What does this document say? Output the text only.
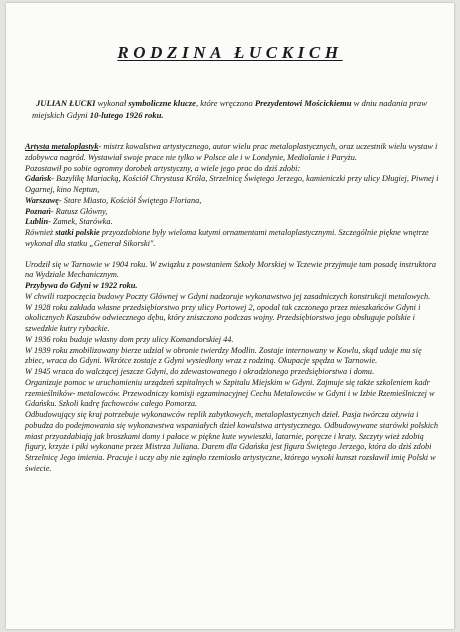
RODZINA ŁUCKICH
JULIAN ŁUCKI wykonał symboliczne klucze, które wręczono Prezydentowi Mościckiemu w dniu nadania praw miejskich Gdyni 10-lutego 1926 roku.

Artysta metaloplastyk- mistrz kowalstwa artystycznego, autor wielu prac metaloplastycznych, oraz uczestnik wielu wystaw i zdobywca nagród. Wystawiał swoje prace nie tylko w Polsce ale i w Londynie, Mediolanie i Paryżu.

Pozostawił po sobie ogromny dorobek artystyczny, a wiele jego prac do dziś zdobi:

Gdańsk- Bazylikę Mariacką, Kościół Chrystusa Króla, Strzelnicę Świętego Jerzego, kamieniczki przy ulicy Długiej, Piwnej i Ogarnej, kino Neptun,

Warszawę- Stare Miasto, Kościół Świętego Floriana,

Poznań- Ratusz Główny,

Lublin- Zamek, Starówka.

Również statki polskie przyozdobione były wieloma kutymi ornamentami metaloplastycznymi. Szczególnie piękne wnętrze wykonał dla statku „Generał Sikorski".

Urodził się w Tarnowie w 1904 roku. W związku z powstaniem Szkoły Morskiej w Tczewie przyjmuje tam posadę instruktora na Wydziale Mechanicznym.

Przybywa do Gdyni w 1922 roku.

W chwili rozpoczęcia budowy Poczty Głównej w Gdyni nadzoruje wykonawstwo jej zasadniczych konstrukcji metalowych.

W 1928 roku zakłada własne przedsiębiorstwo przy ulicy Portowej 2, opodal tak czczonego przez mieszkańców Gdyni i okolicznych Kaszubów odwiecznego dębu, który zniszczono podczas wojny. Przedsiębiorstwo jego obsługuje polskie i szwedzkie kutry rybackie.

W 1936 roku buduje własny dom przy ulicy Komandorskiej 44.

W 1939 roku zmobilizowany bierze udział w obronie twierdzy Modlin. Zostaje internowany w Kowlu, skąd udaje mu się zbiec, wraca do Gdyni. Wkrótce zostaje z Gdyni wysiedlony wraz z rodziną. Okupacje spędza w Tarnowie.

W 1945 wraca do walczącej jeszcze Gdyni, do zdewastowanego i okradzionego przedsiębiorstwa i domu.

Organizuje pomoc w uruchomieniu urządzeń szpitalnych w Szpitalu Miejskim w Gdyni. Zajmuje się także szkoleniem kadr rzemieślników- metalowców. Przewodniczy komisji egzaminacyjnej Cechu Metalowców w Gdyni i w Izbie Rzemieślniczej w Gdańsku. Szkoli kadrę fachowców całego Pomorza.

Odbudowujący się kraj potrzebuje wykonawców replik zabytkowych, metaloplastycznych dzieł. Pasja twórcza ożywia i pobudza do podejmowania się wykonawstwa wspaniałych dzieł kowalstwa artystycznego. Odbudowywane starówki polskich miast przyozdabiają jak broszkami domy i pałace w piękne kute wywieszki, latarnie, poręcze i kraty. Szczyty wież zdobią figury, krzyże i piki wykonane przez Mistrza Juliana. Darem dla Gdańska jest figura Świętego Jerzego, która do dziś zdobi Strzelnicę Jego imienia. Pracuje i uczy aby nie zginęło rzemiosło artystyczne, którego wysoki kunszt rozsławił imię Polski w świecie.
